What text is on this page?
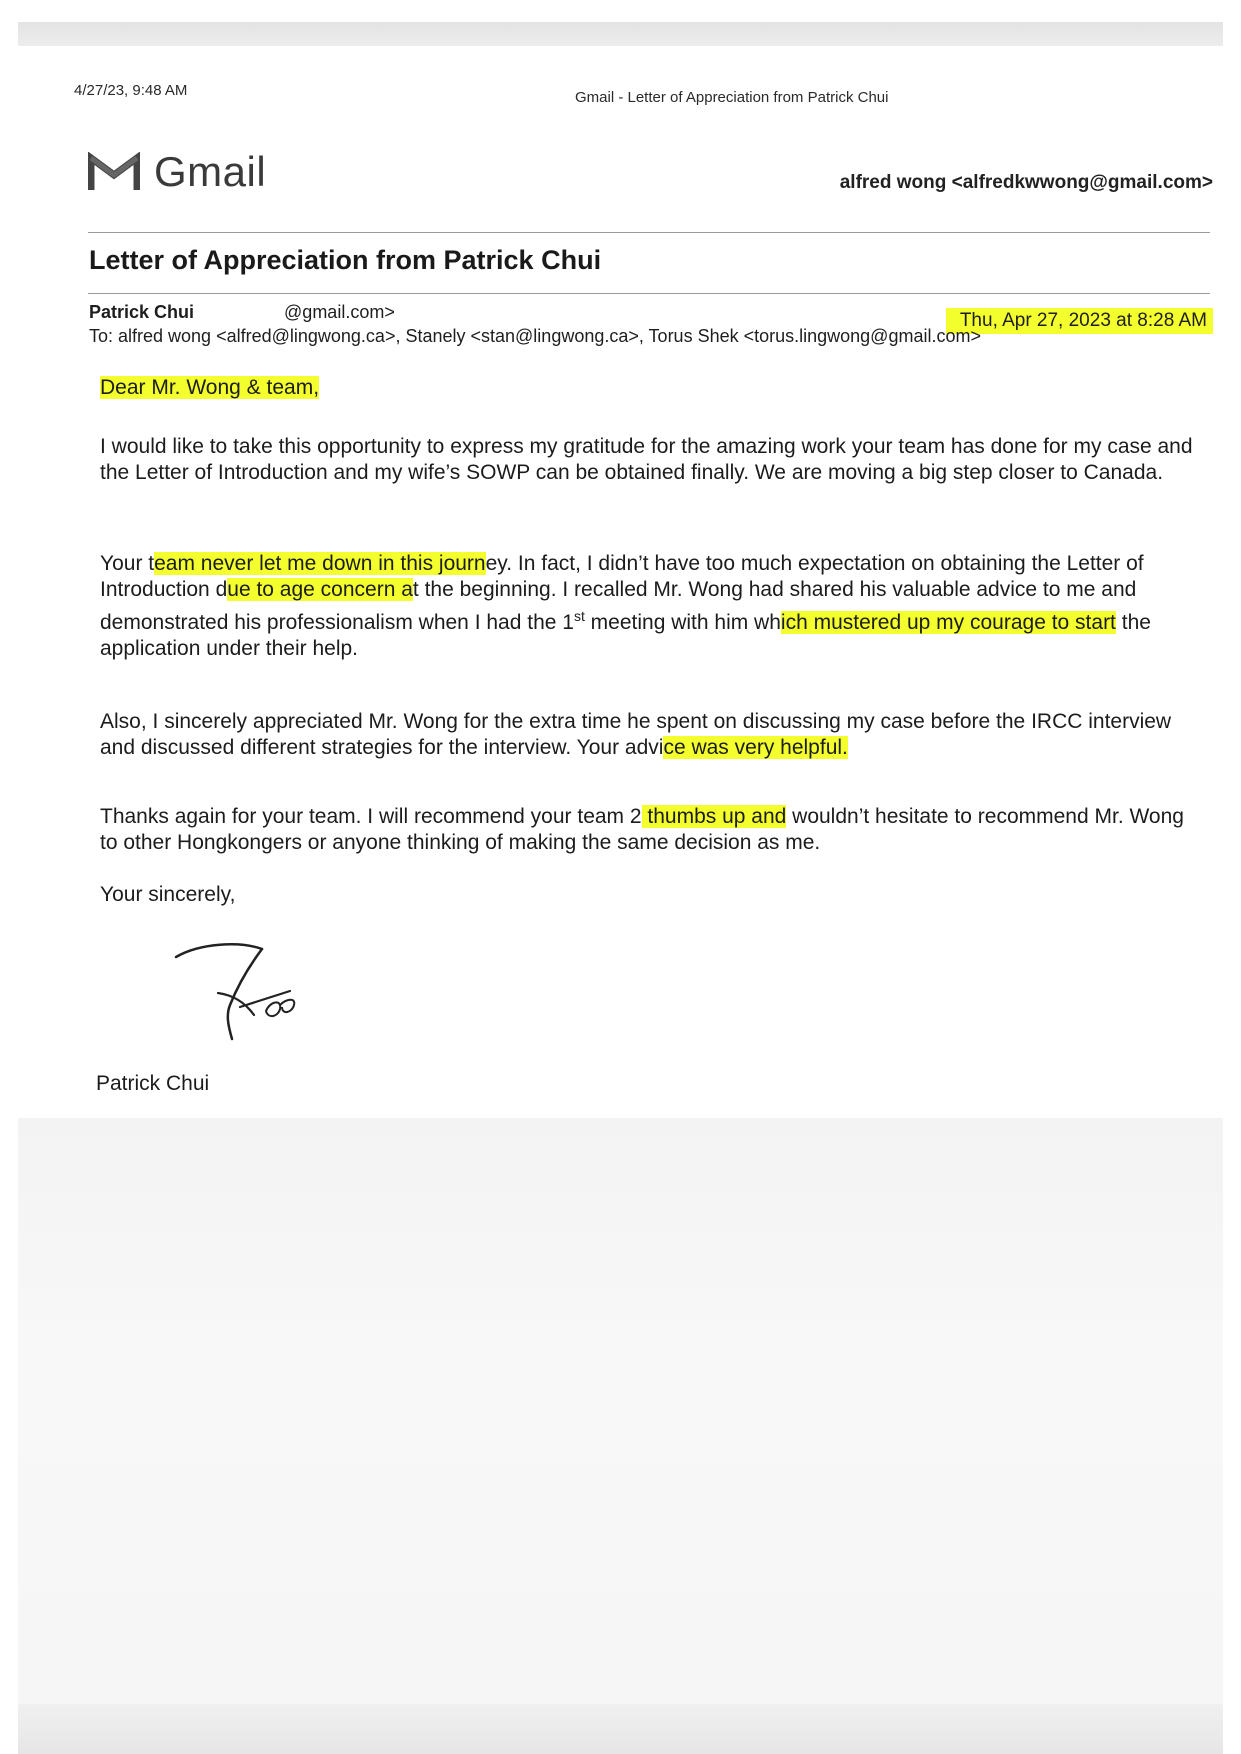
4/27/23, 9:48 AM	Gmail - Letter of Appreciation from Patrick Chui
Gmail	alfred wong <alfredkwwong@gmail.com>
Letter of Appreciation from Patrick Chui
Patrick Chui	@gmail.com>	Thu, Apr 27, 2023 at 8:28 AM
To: alfred wong <alfred@lingwong.ca>, Stanely <stan@lingwong.ca>, Torus Shek <torus.lingwong@gmail.com>
Dear Mr. Wong & team,
I would like to take this opportunity to express my gratitude for the amazing work your team has done for my case and the Letter of Introduction and my wife’s SOWP can be obtained finally. We are moving a big step closer to Canada.
Your team never let me down in this journey. In fact, I didn’t have too much expectation on obtaining the Letter of Introduction due to age concern at the beginning. I recalled Mr. Wong had shared his valuable advice to me and demonstrated his professionalism when I had the 1st meeting with him which mustered up my courage to start the application under their help.
Also, I sincerely appreciated Mr. Wong for the extra time he spent on discussing my case before the IRCC interview and discussed different strategies for the interview. Your advice was very helpful.
Thanks again for your team. I will recommend your team 2 thumbs up and wouldn’t hesitate to recommend Mr. Wong to other Hongkongers or anyone thinking of making the same decision as me.
Your sincerely,
Patrick Chui
